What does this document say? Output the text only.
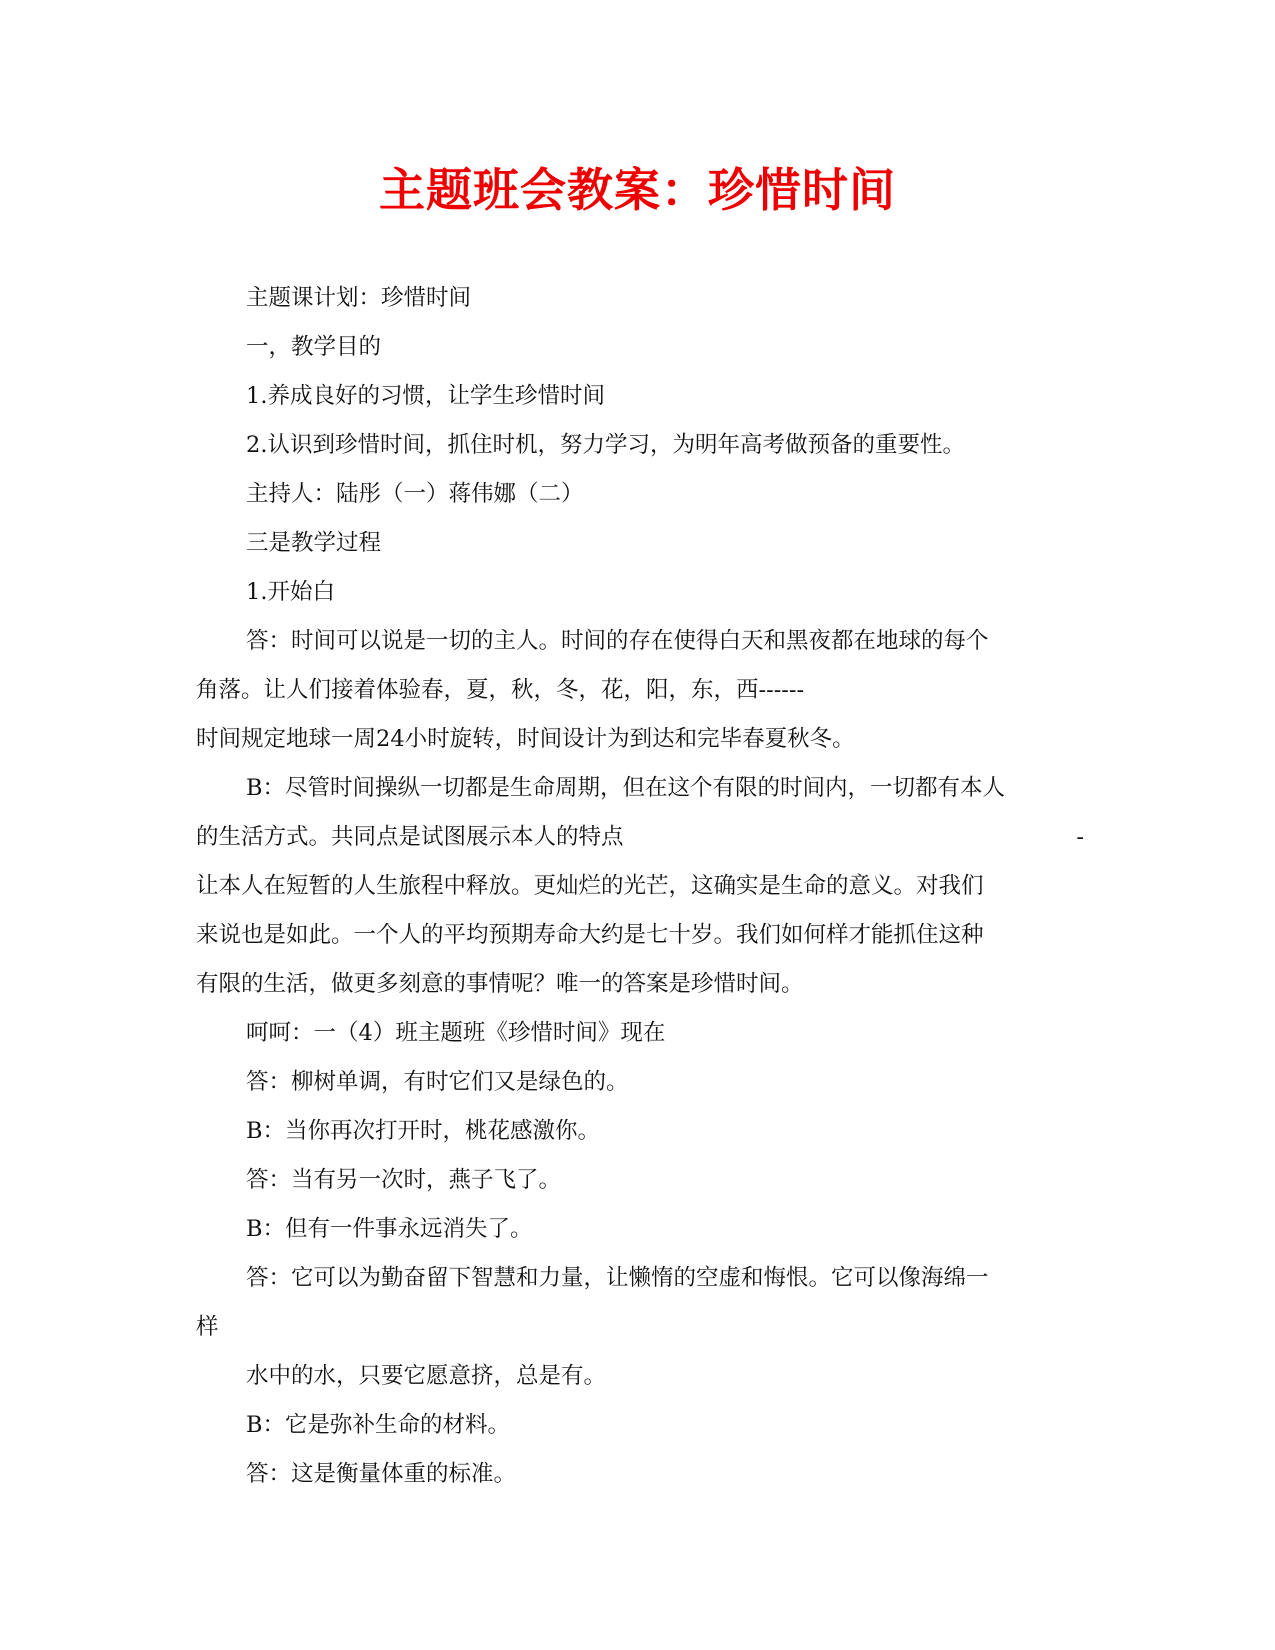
主题班会教案：珍惜时间

主题课计划：珍惜时间

一，教学目的

1.养成良好的习惯，让学生珍惜时间

2.认识到珍惜时间，抓住时机，努力学习，为明年高考做预备的重要性。

主持人：陆彤（一）蒋伟娜（二）

三是教学过程

1.开始白

答：时间可以说是一切的主人。时间的存在使得白天和黑夜都在地球的每个

角落。让人们接着体验春，夏，秋，冬，花，阳，东，西------

时间规定地球一周24小时旋转，时间设计为到达和完毕春夏秋冬。

B：尽管时间操纵一切都是生命周期，但在这个有限的时间内，一切都有本人

的生活方式。共同点是试图展示本人的特点	-

让本人在短暂的人生旅程中释放。更灿烂的光芒，这确实是生命的意义。对我们

来说也是如此。一个人的平均预期寿命大约是七十岁。我们如何样才能抓住这种

有限的生活，做更多刻意的事情呢？唯一的答案是珍惜时间。

呵呵：一（4）班主题班《珍惜时间》现在

答：柳树单调，有时它们又是绿色的。

B：当你再次打开时，桃花感激你。

答：当有另一次时，燕子飞了。

B：但有一件事永远消失了。

答：它可以为勤奋留下智慧和力量，让懒惰的空虚和悔恨。它可以像海绵一

样

水中的水，只要它愿意挤，总是有。

B：它是弥补生命的材料。

答：这是衡量体重的标准。
